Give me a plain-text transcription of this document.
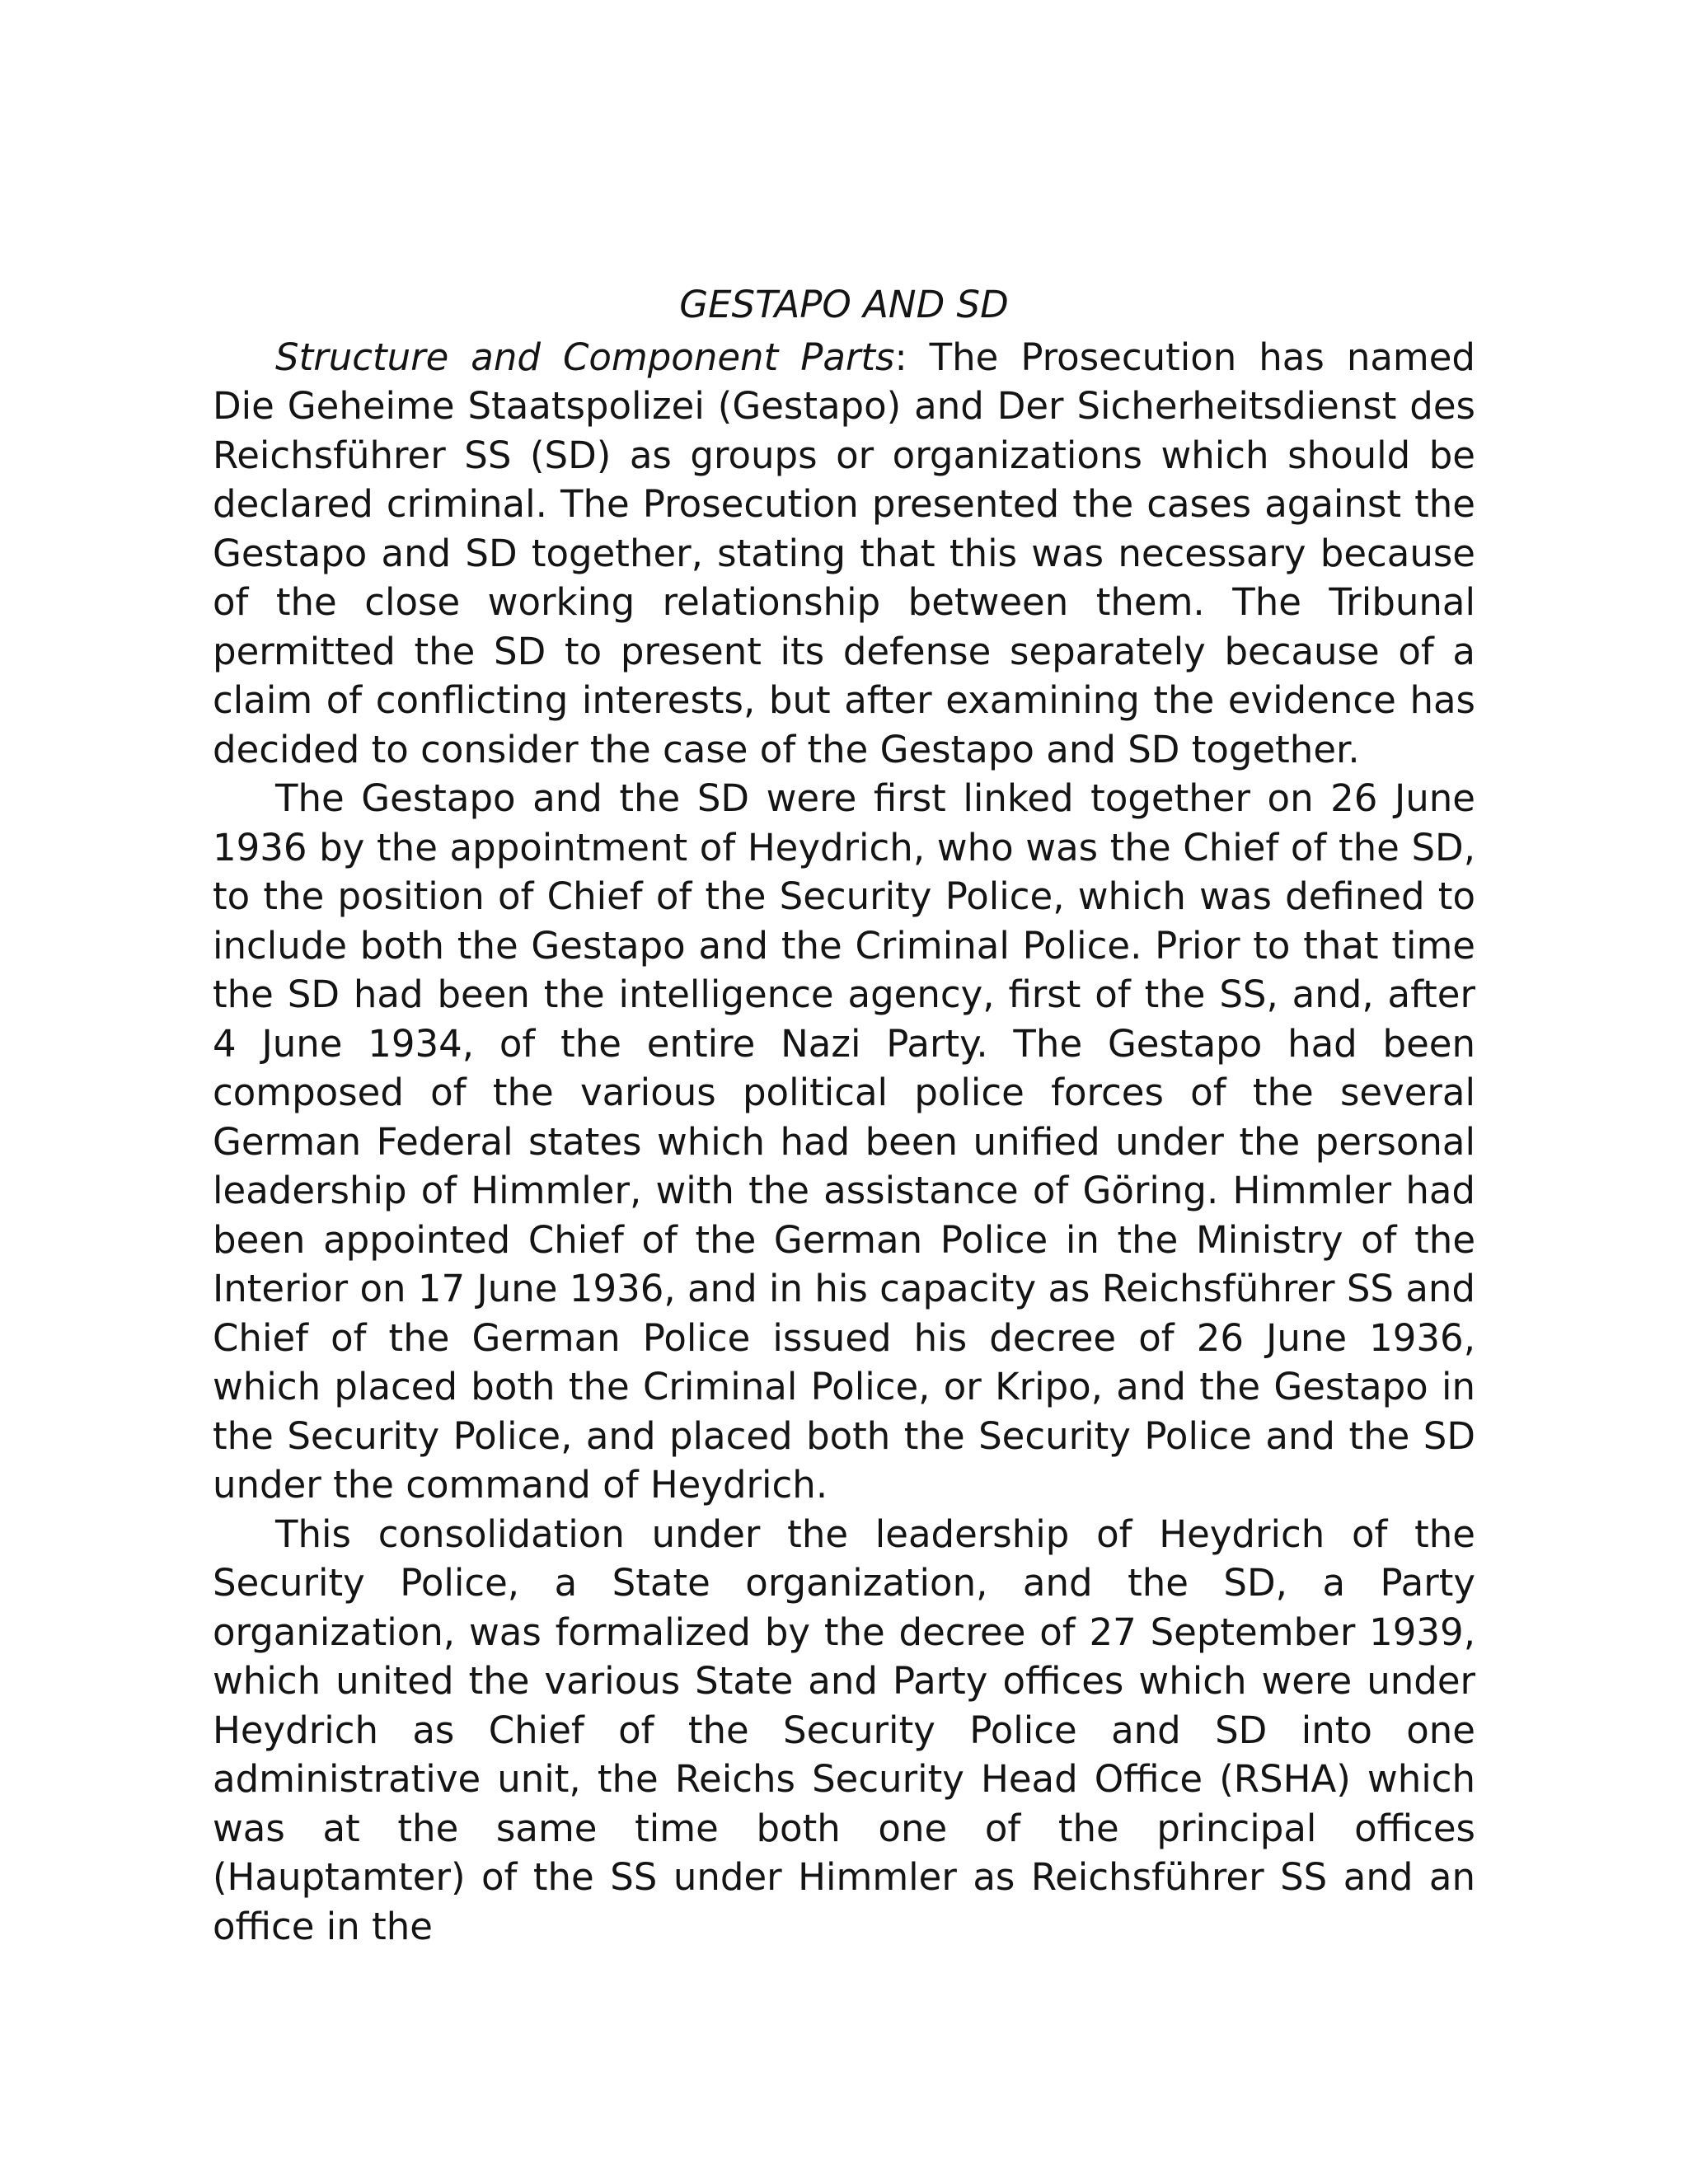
GESTAPO AND SD

Structure and Component Parts: The Prosecution has named Die Geheime Staatspolizei (Gestapo) and Der Sicherheitsdienst des Reichsführer SS (SD) as groups or organizations which should be declared criminal. The Prosecution presented the cases against the Gestapo and SD together, stating that this was necessary because of the close working relationship between them. The Tribunal permitted the SD to present its defense separately because of a claim of conflicting interests, but after examining the evidence has decided to consider the case of the Gestapo and SD together.

The Gestapo and the SD were first linked together on 26 June 1936 by the appointment of Heydrich, who was the Chief of the SD, to the position of Chief of the Security Police, which was defined to include both the Gestapo and the Criminal Police. Prior to that time the SD had been the intelligence agency, first of the SS, and, after 4 June 1934, of the entire Nazi Party. The Gestapo had been composed of the various political police forces of the several German Federal states which had been unified under the personal leadership of Himmler, with the assistance of Göring. Himmler had been appointed Chief of the German Police in the Ministry of the Interior on 17 June 1936, and in his capacity as Reichsführer SS and Chief of the German Police issued his decree of 26 June 1936, which placed both the Criminal Police, or Kripo, and the Gestapo in the Security Police, and placed both the Security Police and the SD under the command of Heydrich.

This consolidation under the leadership of Heydrich of the Security Police, a State organization, and the SD, a Party organization, was formalized by the decree of 27 September 1939, which united the various State and Party offices which were under Heydrich as Chief of the Security Police and SD into one administrative unit, the Reichs Security Head Office (RSHA) which was at the same time both one of the principal offices (Hauptamter) of the SS under Himmler as Reichsführer SS and an office in the
